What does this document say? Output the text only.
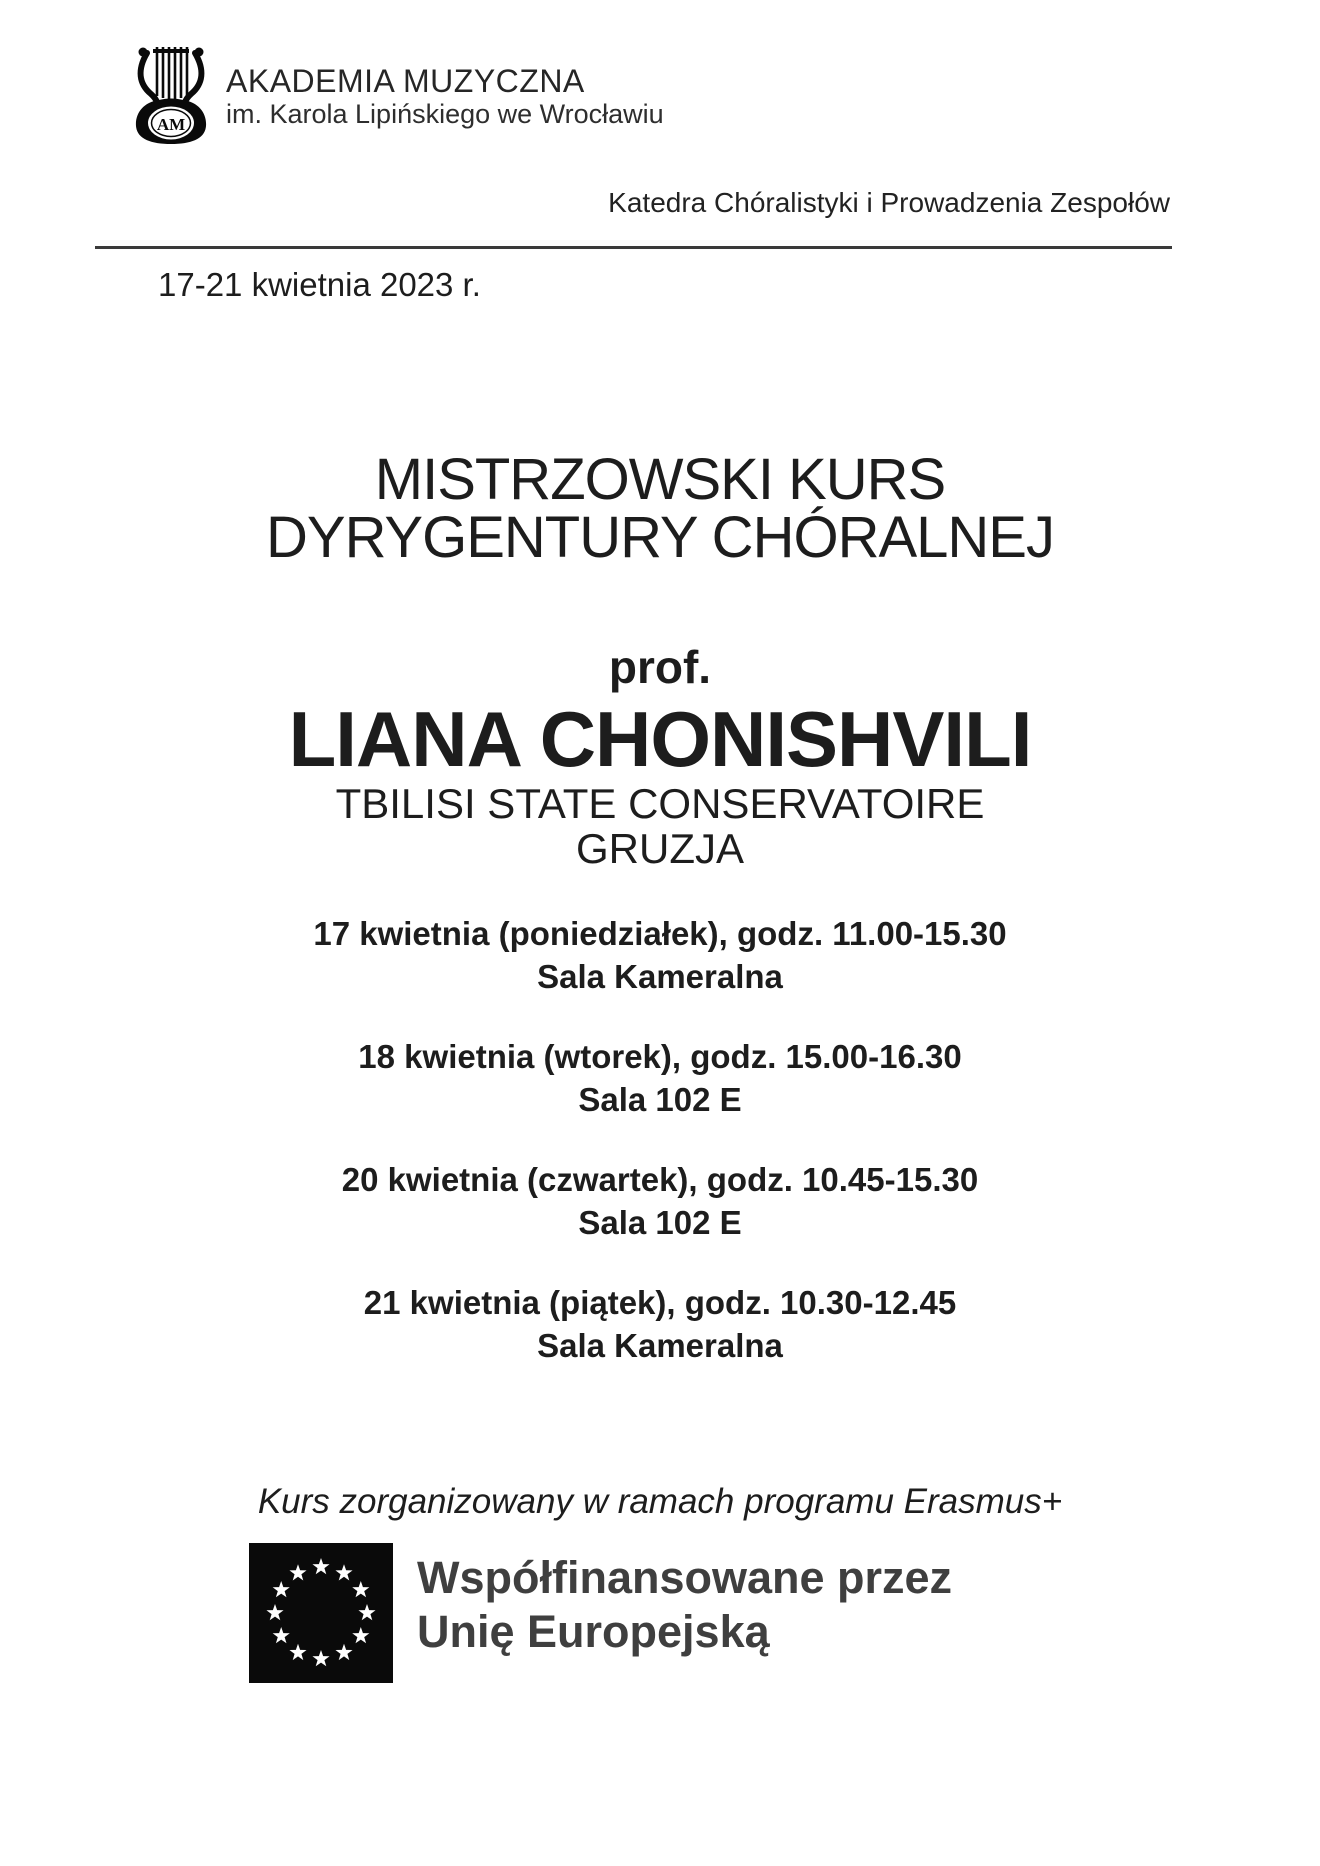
AM
AKADEMIA MUZYCZNA
im. Karola Lipińskiego we Wrocławiu
Katedra Chóralistyki i Prowadzenia Zespołów
17-21 kwietnia 2023 r.
MISTRZOWSKI KURS
DYRYGENTURY CHÓRALNEJ
prof.
LIANA CHONISHVILI
TBILISI STATE CONSERVATOIRE
GRUZJA
17 kwietnia (poniedziałek), godz. 11.00-15.30
Sala Kameralna
18 kwietnia (wtorek), godz. 15.00-16.30
Sala 102 E
20 kwietnia (czwartek), godz. 10.45-15.30
Sala 102 E
21 kwietnia (piątek), godz. 10.30-12.45
Sala Kameralna
Kurs zorganizowany w ramach programu Erasmus+
Współfinansowane przez
Unię Europejską
